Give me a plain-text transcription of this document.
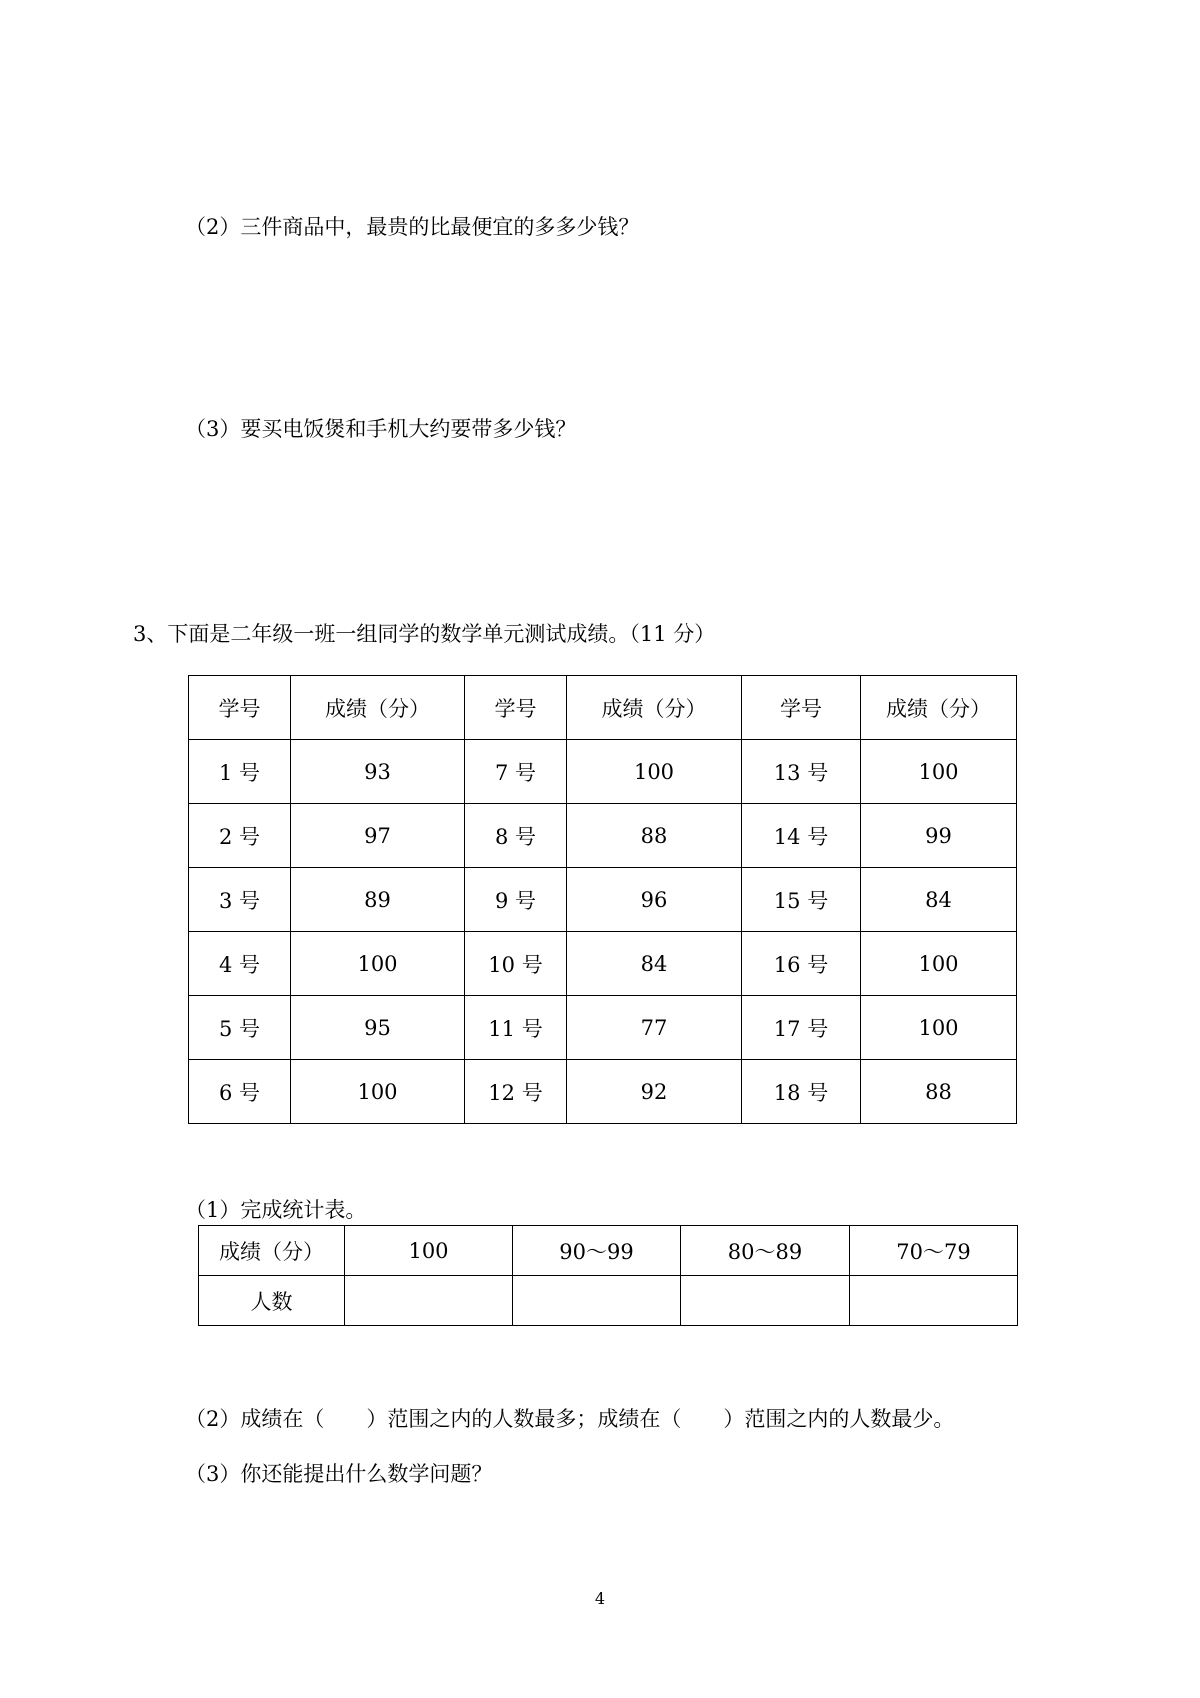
（2）三件商品中，最贵的比最便宜的多多少钱？
（3）要买电饭煲和手机大约要带多少钱？
3、下面是二年级一班一组同学的数学单元测试成绩。（11 分）
学号	成绩（分）	学号	成绩（分）	学号	成绩（分）
1 号	93	7 号	100	13 号	100
2 号	97	8 号	88	14 号	99
3 号	89	9 号	96	15 号	84
4 号	100	10 号	84	16 号	100
5 号	95	11 号	77	17 号	100
6 号	100	12 号	92	18 号	88
（1）完成统计表。
成绩（分）	100	90～99	80～89	70～79
人数				
（2）成绩在（　　）范围之内的人数最多；成绩在（　　）范围之内的人数最少。
（3）你还能提出什么数学问题？
4
